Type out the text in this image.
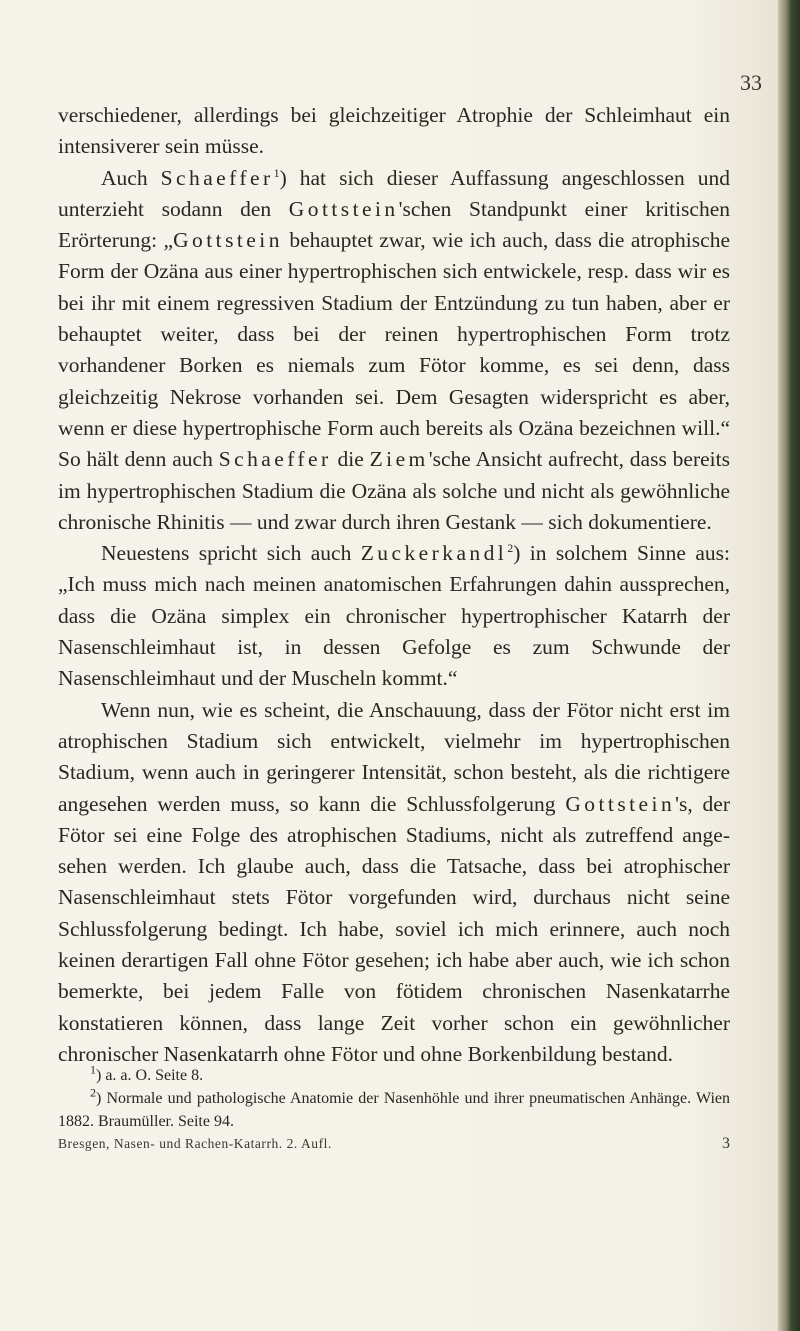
33

verschiedener, allerdings bei gleichzeitiger Atrophie der Schleimhaut ein intensiverer sein müsse.

Auch Schaeffer$^1$) hat sich dieser Auffassung angeschlossen und unterzieht sodann den Gottstein'schen Standpunkt einer kritischen Erörterung: „Gottstein behauptet zwar, wie ich auch, dass die atrophische Form der Ozäna aus einer hypertrophischen sich entwickele, resp. dass wir es bei ihr mit einem regressiven Stadium der Entzündung zu tun haben, aber er behauptet weiter, dass bei der reinen hypertrophischen Form trotz vorhandener Borken es niemals zum Fötor komme, es sei denn, dass gleichzeitig Nekrose vorhanden sei. Dem Gesagten widerspricht es aber, wenn er diese hypertrophische Form auch bereits als Ozäna bezeichnen will.“ So hält denn auch Schaeffer die Ziem'sche Ansicht aufrecht, dass bereits im hypertrophischen Stadium die Ozäna als solche und nicht als gewöhnliche chronische Rhinitis — und zwar durch ihren Gestank — sich dokumentiere.

Neuestens spricht sich auch Zuckerkandl$^2$) in solchem Sinne aus: „Ich muss mich nach meinen anatomischen Erfahrungen dahin aussprechen, dass die Ozäna simplex ein chronischer hypertrophischer Katarrh der Nasenschleimhaut ist, in dessen Gefolge es zum Schwunde der Nasenschleimhaut und der Muscheln kommt.“

Wenn nun, wie es scheint, die Anschauung, dass der Fötor nicht erst im atrophischen Stadium sich entwickelt, vielmehr im hypertrophischen Stadium, wenn auch in geringerer Intensität, schon besteht, als die richtigere angesehen werden muss, so kann die Schlussfolgerung Gottstein's, der Fötor sei eine Folge des atrophischen Stadiums, nicht als zutreffend angesehen werden. Ich glaube auch, dass die Tatsache, dass bei atrophischer Nasenschleimhaut stets Fötor vorgefunden wird, durchaus nicht seine Schlussfolgerung bedingt. Ich habe, soviel ich mich erinnere, auch noch keinen derartigen Fall ohne Fötor gesehen; ich habe aber auch, wie ich schon bemerkte, bei jedem Falle von fötidem chronischen Nasenkatarrhe konstatieren können, dass lange Zeit vorher schon ein gewöhnlicher chronischer Nasenkatarrh ohne Fötor und ohne Borkenbildung bestand.

$^1$) a. a. O. Seite 8.

$^2$) Normale und pathologische Anatomie der Nasenhöhle und ihrer pneumatischen Anhänge. Wien 1882. Braumüller. Seite 94.

Bresgen, Nasen- und Rachen-Katarrh. 2. Aufl.	3
